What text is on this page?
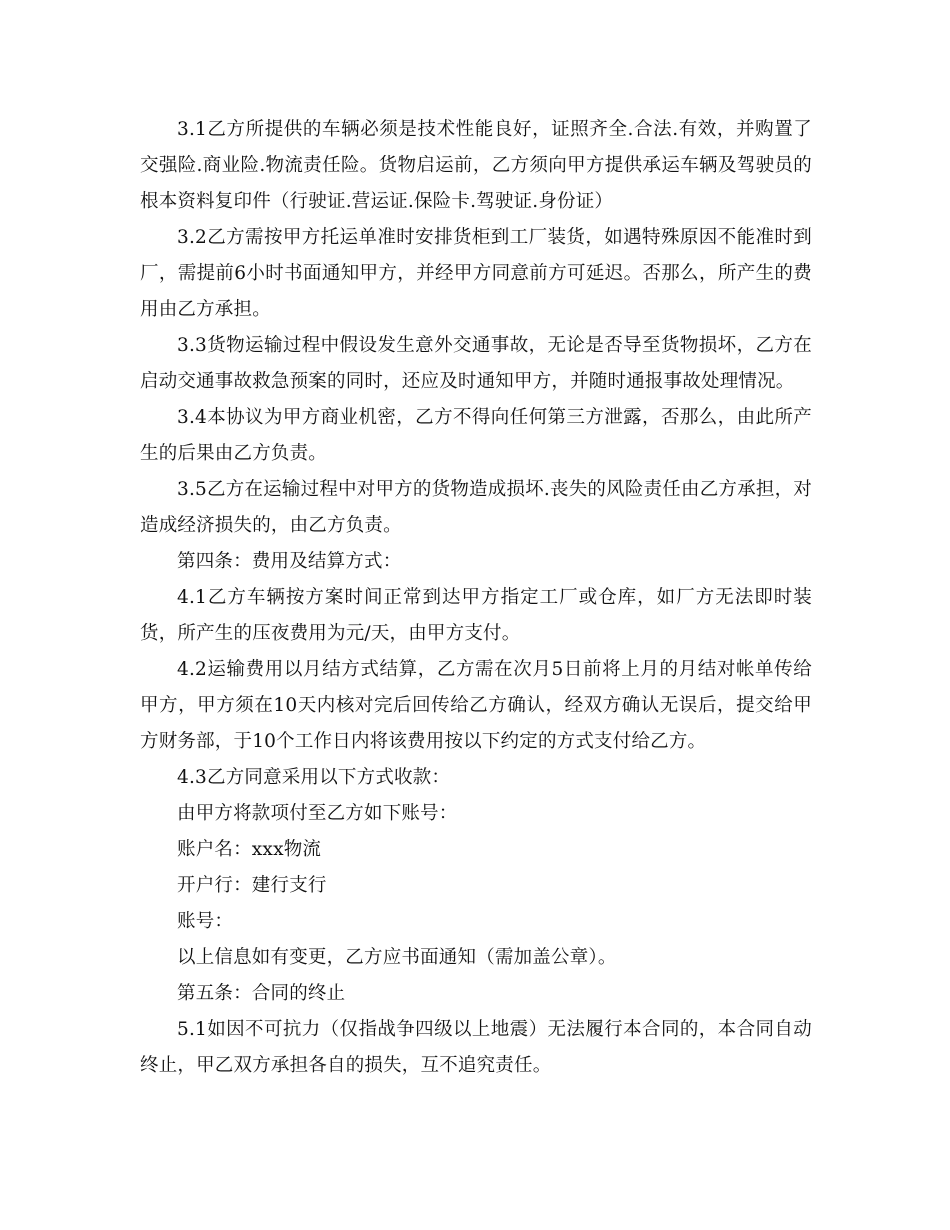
3.1乙方所提供的车辆必须是技术性能良好，证照齐全.合法.有效，并购置了交强险.商业险.物流责任险。货物启运前，乙方须向甲方提供承运车辆及驾驶员的根本资料复印件（行驶证.营运证.保险卡.驾驶证.身份证）

3.2乙方需按甲方托运单准时安排货柜到工厂装货，如遇特殊原因不能准时到厂，需提前6小时书面通知甲方，并经甲方同意前方可延迟。否那么，所产生的费用由乙方承担。

3.3货物运输过程中假设发生意外交通事故，无论是否导至货物损坏，乙方在启动交通事故救急预案的同时，还应及时通知甲方，并随时通报事故处理情况。

3.4本协议为甲方商业机密，乙方不得向任何第三方泄露，否那么，由此所产生的后果由乙方负责。

3.5乙方在运输过程中对甲方的货物造成损坏.丧失的风险责任由乙方承担，对造成经济损失的，由乙方负责。

第四条：费用及结算方式：

4.1乙方车辆按方案时间正常到达甲方指定工厂或仓库，如厂方无法即时装货，所产生的压夜费用为元/天，由甲方支付。

4.2运输费用以月结方式结算，乙方需在次月5日前将上月的月结对帐单传给甲方，甲方须在10天内核对完后回传给乙方确认，经双方确认无误后，提交给甲方财务部，于10个工作日内将该费用按以下约定的方式支付给乙方。

4.3乙方同意采用以下方式收款：

由甲方将款项付至乙方如下账号：

账户名：xxx物流

开户行：建行支行

账号：

以上信息如有变更，乙方应书面通知（需加盖公章）。

第五条：合同的终止

5.1如因不可抗力（仅指战争四级以上地震）无法履行本合同的，本合同自动终止，甲乙双方承担各自的损失，互不追究责任。
